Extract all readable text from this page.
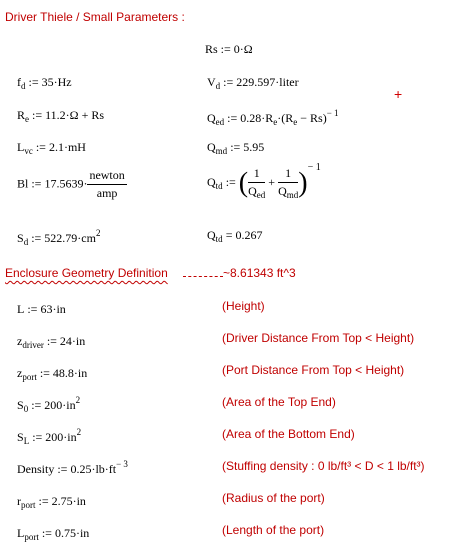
Driver Thiele / Small Parameters :
Rs := 0·Ω
$f_d$ := 35·Hz	$V_d$ := 229.597·liter
$R_e$ := 11.2·Ω + Rs	$Q_{ed}$ := $0.28\cdot R_e\cdot(R_e - Rs)^{- 1}$
+
$L_{vc}$ := 2.1·mH	$Q_{md}$ := 5.95
Bl := $17.5639\cdot \frac{\text{newton}}{\text{amp}}$	$Q_{td}$ := ( $\frac{1}{Q_{ed}} + \frac{1}{Q_{md}} )^{- 1}$
$S_d$ := $522.79\cdot cm^2$	$Q_{td} = 0.267$
Enclosure Geometry Definition	~8.61343 ft^3
L := 63·in	(Height)
$z_{driver}$ := 24·in	(Driver Distance From Top < Height)
$z_{port}$ := 48.8·in	(Port Distance From Top < Height)
$S_0$ := $200\cdot in^2$	(Area of the Top End)
$S_L$ := $200\cdot in^2$	(Area of the Bottom End)
Density := $0.25\cdot lb\cdot ft^{- 3}$	(Stuffing density : 0 lb/ft³ < D < 1 lb/ft³)
$r_{port}$ := 2.75·in	(Radius of the port)
$L_{port}$ := 0.75·in	(Length of the port)
